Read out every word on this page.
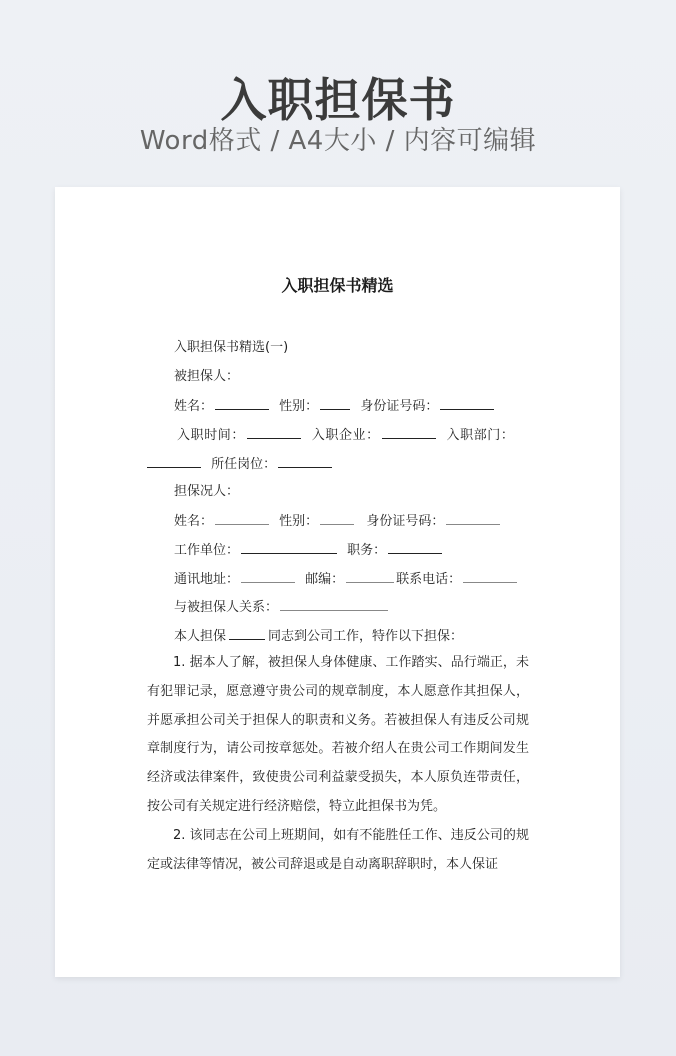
入职担保书
Word格式 / A4大小 / 内容可编辑
入职担保书精选
入职担保书精选(一)
被担保人：
姓名：	性别：	身份证号码：
入职时间：	入职企业：	入职部门：
所任岗位：
担保况人：
姓名：	性别：	身份证号码：
工作单位：	职务：
通讯地址：	邮编：	联系电话：
与被担保人关系：
本人担保	同志到公司工作，特作以下担保：
1. 据本人了解，被担保人身体健康、工作踏实、品行端正，未有犯罪记录，愿意遵守贵公司的规章制度，本人愿意作其担保人，并愿承担公司关于担保人的职责和义务。若被担保人有违反公司规章制度行为，请公司按章惩处。若被介绍人在贵公司工作期间发生经济或法律案件，致使贵公司利益蒙受损失，本人原负连带责任，按公司有关规定进行经济赔偿，特立此担保书为凭。
2. 该同志在公司上班期间，如有不能胜任工作、违反公司的规定或法律等情况，被公司辞退或是自动离职辞职时，本人保证
